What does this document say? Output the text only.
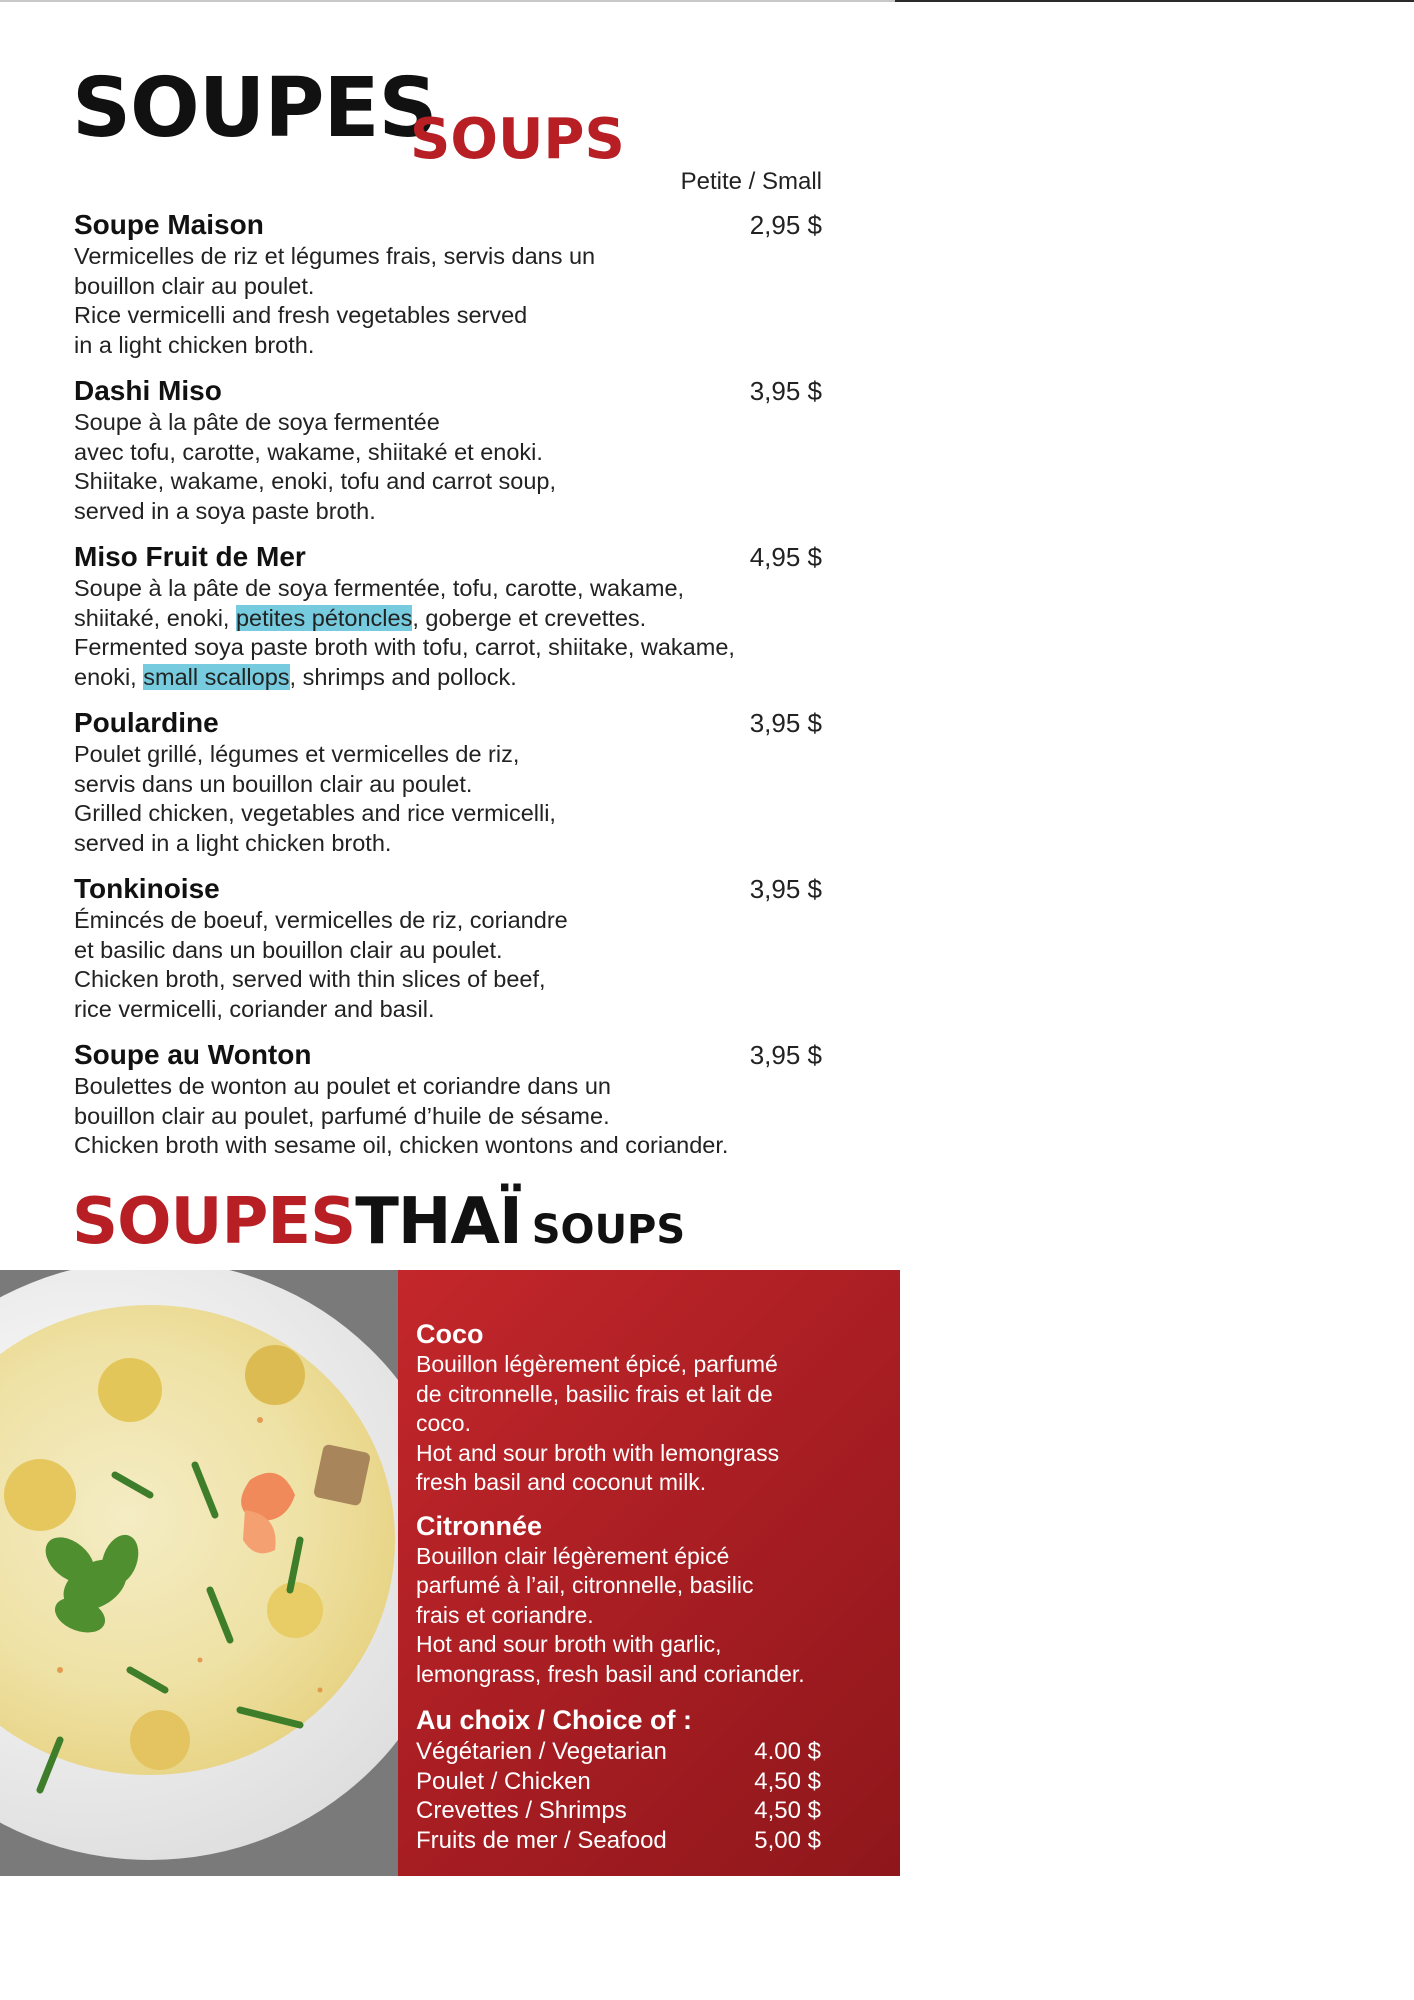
SOUPES
SOUPS
Petite / Small
Soupe Maison	2,95 $
Vermicelles de riz et légumes frais, servis dans un
bouillon clair au poulet.
Rice vermicelli and fresh vegetables served
in a light chicken broth.
Dashi Miso	3,95 $
Soupe à la pâte de soya fermentée
avec tofu, carotte, wakame, shiitaké et enoki.
Shiitake, wakame, enoki, tofu and carrot soup,
served in a soya paste broth.
Miso Fruit de Mer	4,95 $
Soupe à la pâte de soya fermentée, tofu, carotte, wakame,
shiitaké, enoki, petites pétoncles, goberge et crevettes.
Fermented soya paste broth with tofu, carrot, shiitake, wakame,
enoki, small scallops, shrimps and pollock.
Poulardine	3,95 $
Poulet grillé, légumes et vermicelles de riz,
servis dans un bouillon clair au poulet.
Grilled chicken, vegetables and rice vermicelli,
served in a light chicken broth.
Tonkinoise	3,95 $
Émincés de boeuf, vermicelles de riz, coriandre
et basilic dans un bouillon clair au poulet.
Chicken broth, served with thin slices of beef,
rice vermicelli, coriander and basil.
Soupe au Wonton	3,95 $
Boulettes de wonton au poulet et coriandre dans un
bouillon clair au poulet, parfumé d’huile de sésame.
Chicken broth with sesame oil, chicken wontons and coriander.
SOUPESTHAÏ SOUPS
Coco
Bouillon légèrement épicé, parfumé
de citronnelle, basilic frais et lait de coco.
Hot and sour broth with lemongrass
fresh basil and coconut milk.
Citronnée
Bouillon clair légèrement épicé
parfumé à l’ail, citronnelle, basilic
frais et coriandre.
Hot and sour broth with garlic,
lemongrass, fresh basil and coriander.
Au choix / Choice of :
Végétarien / Vegetarian	4.00 $
Poulet / Chicken	4,50 $
Crevettes / Shrimps	4,50 $
Fruits de mer / Seafood	5,00 $
